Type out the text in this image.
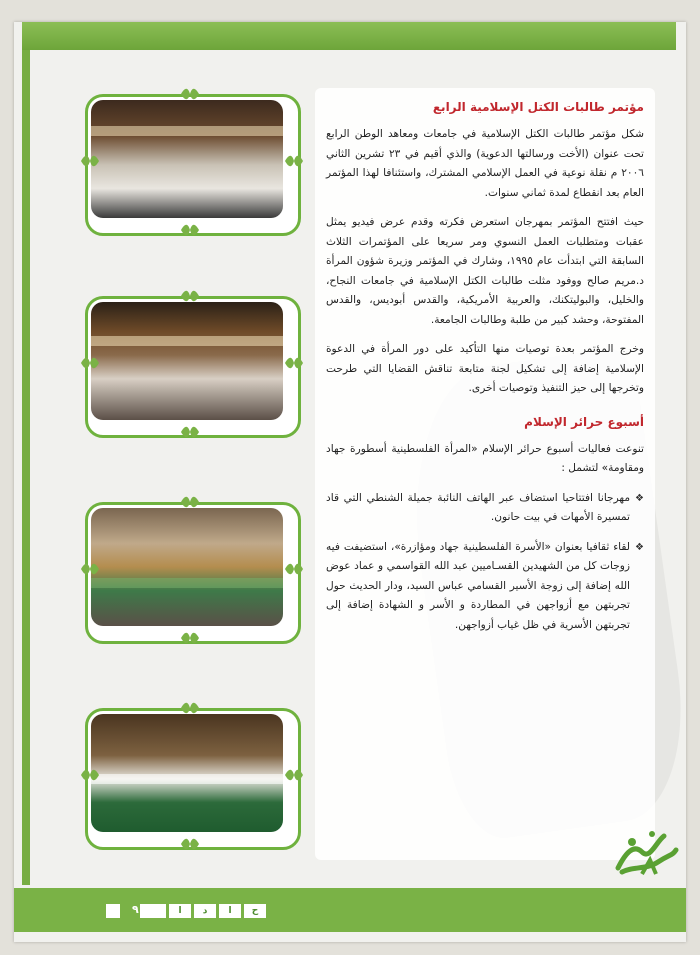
مؤتمر طالبات الكتل الإسلامية الرابع

شكل مؤتمر طالبات الكتل الإسلامية في جامعات ومعاهد الوطن الرابع تحت عنوان (الأخت ورسالتها الدعوية) والذي أقيم في ٢٣ تشرين الثاني ٢٠٠٦ م نقلة نوعية في العمل الإسلامي المشترك، واستئنافا لهذا المؤتمر العام بعد انقطاع لمدة ثماني سنوات.

حيث افتتح المؤتمر بمهرجان استعرض فكرته وقدم عرض فيديو يمثل عقبات ومتطلبات العمل النسوي ومر سريعا على المؤتمرات الثلاث السابقة التي ابتدأت عام ١٩٩٥، وشارك في المؤتمر وزيرة شؤون المرأة د.مريم صالح ووفود مثلت طالبات الكتل الإسلامية في جامعات النجاح، والخليل، والبوليتكنك، والعربية الأمريكية، والقدس أبوديس، والقدس المفتوحة، وحشد كبير من طلبة وطالبات الجامعة.

وخرج المؤتمر بعدة توصيات منها التأكيد على دور المرأة في الدعوة الإسلامية إضافة إلى تشكيل لجنة متابعة تناقش القضايا التي طرحت وتخرجها إلى حيز التنفيذ وتوصيات أخرى.

أسبوع حرائر الإسلام

تنوعت فعاليات أسبوع حرائر الإسلام «المرأة الفلسطينية أسطورة جهاد ومقاومة» لتشمل :

❖
مهرجانا افتتاحيا استضاف عبر الهاتف النائبة جميلة الشنطي التي قاد تمسيرة الأمهات في بيت حانون.
❖
لقاء ثقافيا بعنوان «الأسرة الفلسطينية جهاد ومؤازرة»، استضيفت فيه زوجات كل من الشهيدين القسـاميين عبد الله القواسمي و عماد عوض الله إضافة إلى زوجة الأسير القسامي عباس السيد، ودار الحديث حول تجربتهن مع أزواجهن في المطاردة و الأسر و الشهادة إضافة إلى تجربتهن الأسرية في ظل غياب أزواجهن.
ا	د	ا	ح
٩
